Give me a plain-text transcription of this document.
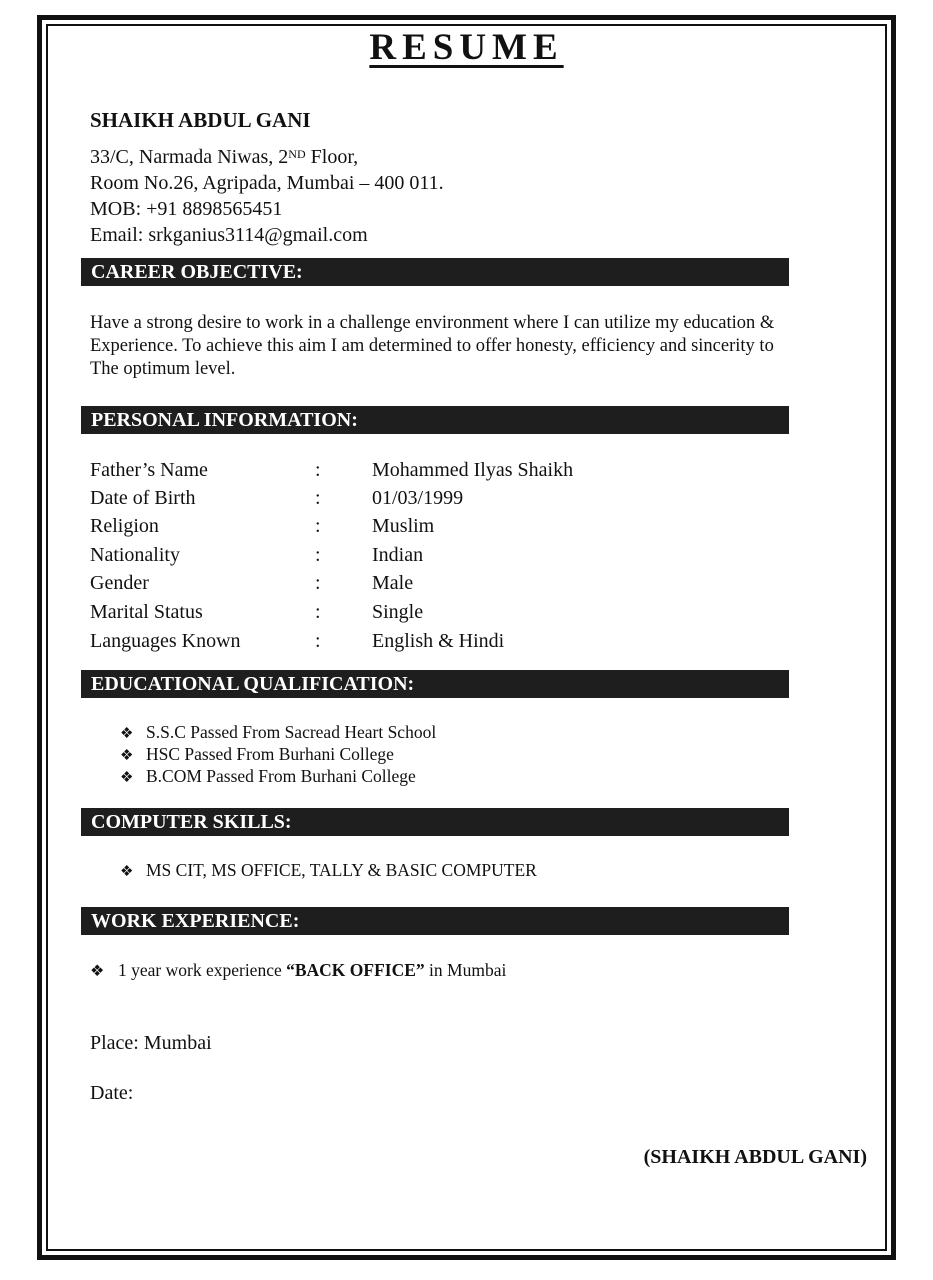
RESUME
SHAIKH ABDUL GANI
33/C, Narmada Niwas, 2ND Floor,
Room No.26, Agripada, Mumbai – 400 011.
MOB: +91 8898565451
Email: srkganius3114@gmail.com
CAREER OBJECTIVE:
Have a strong desire to work in a challenge environment where I can utilize my education &
Experience. To achieve this aim I am determined to offer honesty, efficiency and sincerity to
The optimum level.
PERSONAL INFORMATION:
Father’s Name	:	Mohammed Ilyas Shaikh
Date of Birth	:	01/03/1999
Religion	:	Muslim
Nationality	:	Indian
Gender	:	Male
Marital Status	:	Single
Languages Known	:	English & Hindi
EDUCATIONAL QUALIFICATION:
❖ S.S.C Passed From Sacread Heart School
❖ HSC Passed From Burhani College
❖ B.COM Passed From Burhani College
COMPUTER SKILLS:
❖ MS CIT, MS OFFICE, TALLY & BASIC COMPUTER
WORK EXPERIENCE:
❖ 1 year work experience “BACK OFFICE” in Mumbai
Place: Mumbai
Date:
(SHAIKH ABDUL GANI)
